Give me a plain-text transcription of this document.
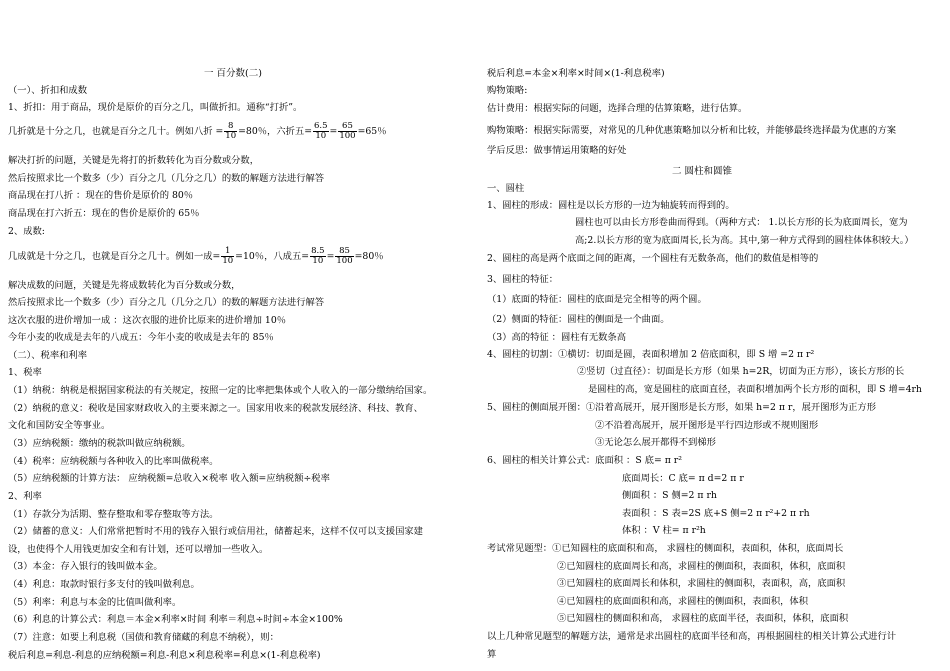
一 百分数(二)
（一）、折扣和成数
1、折扣：用于商品，现价是原价的百分之几，叫做折扣。通称“打折”。
几折就是十分之几，也就是百分之几十。例如八折 = $\frac{8}{10} =80$％，六折五= $\frac{6.5}{10} = \frac{65}{100} =65$％
解决打折的问题，关键是先将打的折数转化为百分数或分数，
然后按照求比一个数多（少）百分之几（几分之几）的数的解题方法进行解答
商品现在打八折 ：现在的售价是原价的 80％
商品现在打六折五：现在的售价是原价的 65％
2、成数:
几成就是十分之几，也就是百分之几十。例如一成= $\frac{1}{10} =10$％，八成五= $\frac{8.5}{10} = \frac{85}{100} =80$％
解决成数的问题，关键是先将成数转化为百分数或分数，
然后按照求比一个数多（少）百分之几（几分之几）的数的解题方法进行解答
这次衣服的进价增加一成 ：这次衣服的进价比原来的进价增加 10％
今年小麦的收成是去年的八成五：今年小麦的收成是去年的 85％
（二）、税率和利率
1、税率
（1）纳税：纳税是根据国家税法的有关规定，按照一定的比率把集体或个人收入的一部分缴纳给国家。
（2）纳税的意义：税收是国家财政收入的主要来源之一。国家用收来的税款发展经济、科技、教育、
文化和国防安全等事业。
（3）应纳税额：缴纳的税款叫做应纳税额。
（4）税率：应纳税额与各种收入的比率叫做税率。
（5）应纳税额的计算方法： 应纳税额=总收入×税率 收入额=应纳税额÷税率
2、利率
（1）存款分为活期、整存整取和零存整取等方法。
（2）储蓄的意义：人们常常把暂时不用的钱存入银行或信用社，储蓄起来，这样不仅可以支援国家建
设，也使得个人用钱更加安全和有计划，还可以增加一些收入。
（3）本金：存入银行的钱叫做本金。
（4）利息：取款时银行多支付的钱叫做利息。
（5）利率：利息与本金的比值叫做利率。
（6）利息的计算公式：利息＝本金×利率×时间 利率＝利息÷时间÷本金×100%
（7）注意：如要上利息税（国债和教育储藏的利息不纳税），则：
税后利息=利息-利息的应纳税额=利息-利息×利息税率=利息×(1-利息税率)
税后利息=本金×利率×时间×(1-利息税率)
购物策略:
估计费用：根据实际的问题，选择合理的估算策略，进行估算。
购物策略：根据实际需要，对常见的几种优惠策略加以分析和比较，并能够最终选择最为优惠的方案
学后反思：做事情运用策略的好处
二 圆柱和圆锥
一、圆柱
1、圆柱的形成：圆柱是以长方形的一边为轴旋转而得到的。
圆柱也可以由长方形卷曲而得到。（两种方式： 1.以长方形的长为底面周长，宽为
高;2.以长方形的宽为底面周长,长为高。其中,第一种方式得到的圆柱体体积较大。）
2、圆柱的高是两个底面之间的距离，一个圆柱有无数条高，他们的数值是相等的
3、圆柱的特征：
（1）底面的特征：圆柱的底面是完全相等的两个圆。
（2）侧面的特征：圆柱的侧面是一个曲面。
（3）高的特征 ：圆柱有无数条高
4、圆柱的切割：①横切：切面是圆，表面积增加 2 倍底面积，即 S 增 =2 π r²
②竖切（过直径）：切面是长方形（如果 h=2R，切面为正方形），该长方形的长
是圆柱的高，宽是圆柱的底面直径，表面积增加两个长方形的面积，即 S 增=4rh
5、圆柱的侧面展开图：①沿着高展开，展开图形是长方形，如果 h=2 π r，展开图形为正方形
②不沿着高展开，展开图形是平行四边形或不规则图形
③无论怎么展开都得不到梯形
6、圆柱的相关计算公式：底面积 ：S 底= π r²
底面周长：C 底= π d=2 π r
侧面积 ：S 侧=2 π rh
表面积 ：S 表=2S 底+S 侧=2 π r²+2 π rh
体积 ：V 柱= π r²h
考试常见题型：①已知圆柱的底面积和高， 求圆柱的侧面积，表面积，体积，底面周长
②已知圆柱的底面周长和高，求圆柱的侧面积，表面积，体积，底面积
③已知圆柱的底面周长和体积，求圆柱的侧面积，表面积，高，底面积
④已知圆柱的底面面积和高，求圆柱的侧面积，表面积，体积
⑤已知圆柱的侧面积和高， 求圆柱的底面半径，表面积，体积，底面积
以上几种常见题型的解题方法，通常是求出圆柱的底面半径和高，再根据圆柱的相关计算公式进行计
算
